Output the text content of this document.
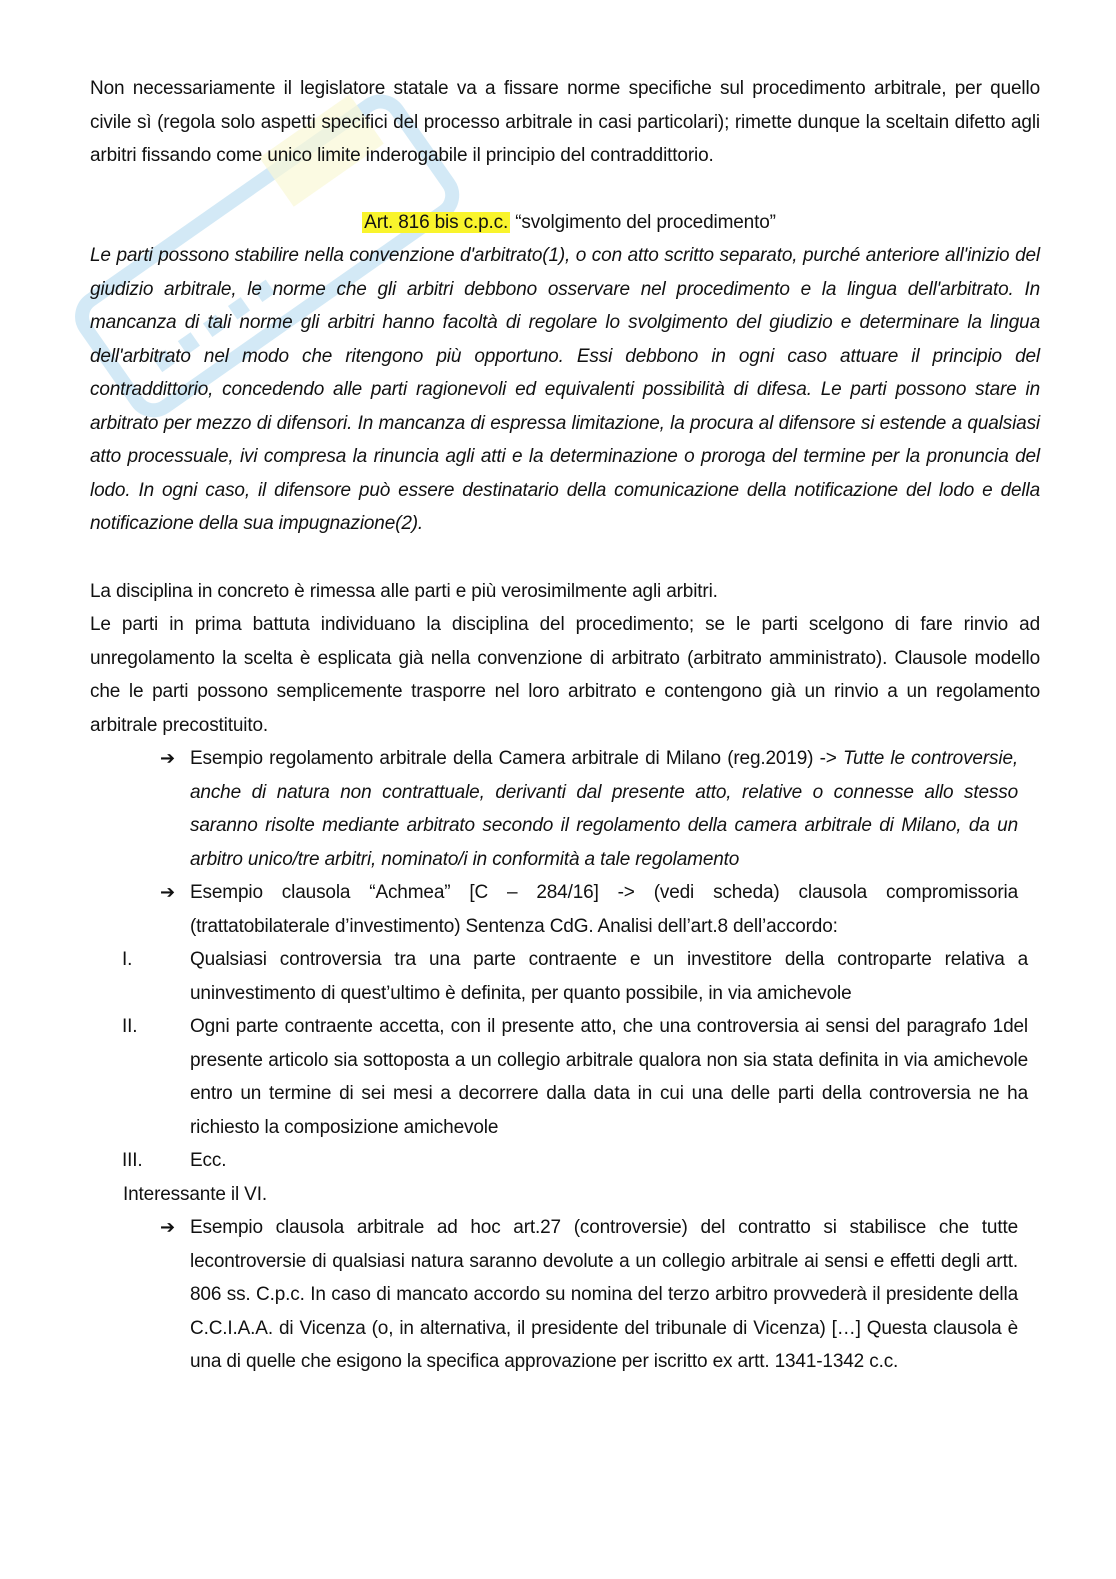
.....

Non necessariamente il legislatore statale va a fissare norme specifiche sul procedimento arbitrale, per quello civile sì (regola solo aspetti specifici del processo arbitrale in casi particolari); rimette dunque la sceltain difetto agli arbitri fissando come unico limite inderogabile il principio del contraddittorio.

Art. 816 bis c.p.c. “svolgimento del procedimento”

Le parti possono stabilire nella convenzione d'arbitrato(1), o con atto scritto separato, purché anteriore all'inizio del giudizio arbitrale, le norme che gli arbitri debbono osservare nel procedimento e la lingua dell'arbitrato. In mancanza di tali norme gli arbitri hanno facoltà di regolare lo svolgimento del giudizio e determinare la lingua dell'arbitrato nel modo che ritengono più opportuno. Essi debbono in ogni caso attuare il principio del contraddittorio, concedendo alle parti ragionevoli ed equivalenti possibilità di difesa. Le parti possono stare in arbitrato per mezzo di difensori. In mancanza di espressa limitazione, la procura al difensore si estende a qualsiasi atto processuale, ivi compresa la rinuncia agli atti e la determinazione o proroga del termine per la pronuncia del lodo. In ogni caso, il difensore può essere destinatario della comunicazione della notificazione del lodo e della notificazione della sua impugnazione(2).

La disciplina in concreto è rimessa alle parti e più verosimilmente agli arbitri.

Le parti in prima battuta individuano la disciplina del procedimento; se le parti scelgono di fare rinvio ad unregolamento la scelta è esplicata già nella convenzione di arbitrato (arbitrato amministrato). Clausole modello che le parti possono semplicemente trasporre nel loro arbitrato e contengono già un rinvio a un regolamento arbitrale precostituito.

➔ Esempio regolamento arbitrale della Camera arbitrale di Milano (reg.2019) -> Tutte le controversie, anche di natura non contrattuale, derivanti dal presente atto, relative o connesse allo stesso saranno risolte mediante arbitrato secondo il regolamento della camera arbitrale di Milano, da un arbitro unico/tre arbitri, nominato/i in conformità a tale regolamento

➔ Esempio clausola “Achmea” [C – 284/16] -> (vedi scheda) clausola compromissoria (trattatobilaterale d’investimento) Sentenza CdG. Analisi dell’art.8 dell’accordo:

I.	Qualsiasi controversia tra una parte contraente e un investitore della controparte relativa a uninvestimento di quest’ultimo è definita, per quanto possibile, in via amichevole

II.	Ogni parte contraente accetta, con il presente atto, che una controversia ai sensi del paragrafo 1del presente articolo sia sottoposta a un collegio arbitrale qualora non sia stata definita in via amichevole entro un termine di sei mesi a decorrere dalla data in cui una delle parti della controversia ne ha richiesto la composizione amichevole

III. Ecc.

Interessante il VI.

➔ Esempio clausola arbitrale ad hoc art.27 (controversie) del contratto si stabilisce che tutte lecontroversie di qualsiasi natura saranno devolute a un collegio arbitrale ai sensi e effetti degli artt. 806 ss. C.p.c. In caso di mancato accordo su nomina del terzo arbitro provvederà il presidente della C.C.I.A.A. di Vicenza (o, in alternativa, il presidente del tribunale di Vicenza) […] Questa clausola è una di quelle che esigono la specifica approvazione per iscritto ex artt. 1341-1342 c.c.
